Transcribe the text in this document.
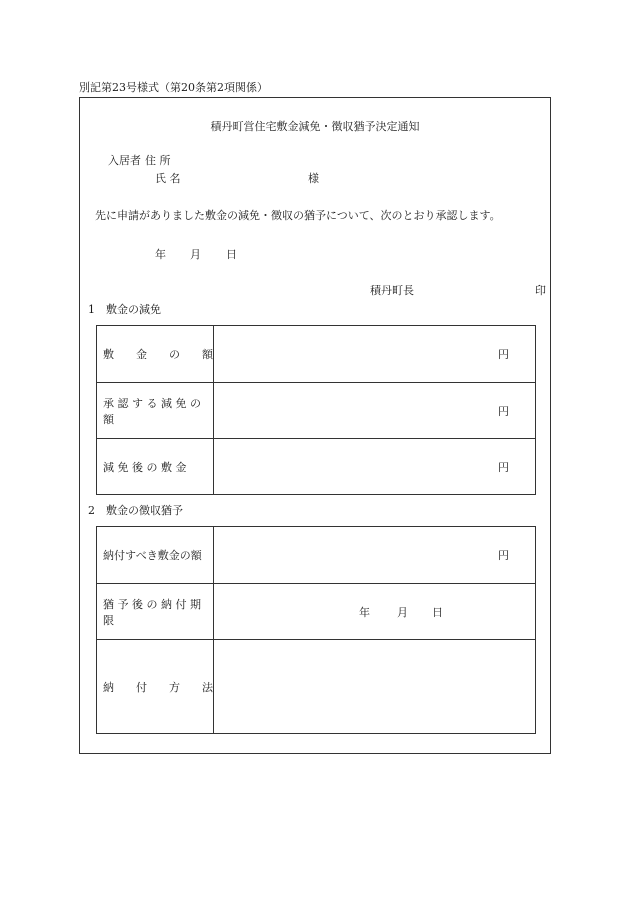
別記第23号様式（第20条第2項関係）
積丹町営住宅敷金減免・徴収猶予決定通知
入居者 住 所
氏 名	様
先に申請がありました敷金の減免・徴収の猶予について、次のとおり承認します。
年 月 日
積丹町長	印
1　敷金の減免
敷　　金　　の　　額	円

承 認 す る 減 免 の 額	円

減 免 後 の 敷 金	円
2　敷金の徴収猶予
納付すべき敷金の額	円

猶 予 後 の 納 付 期 限	年 月 日

納　　付　　方　　法	
